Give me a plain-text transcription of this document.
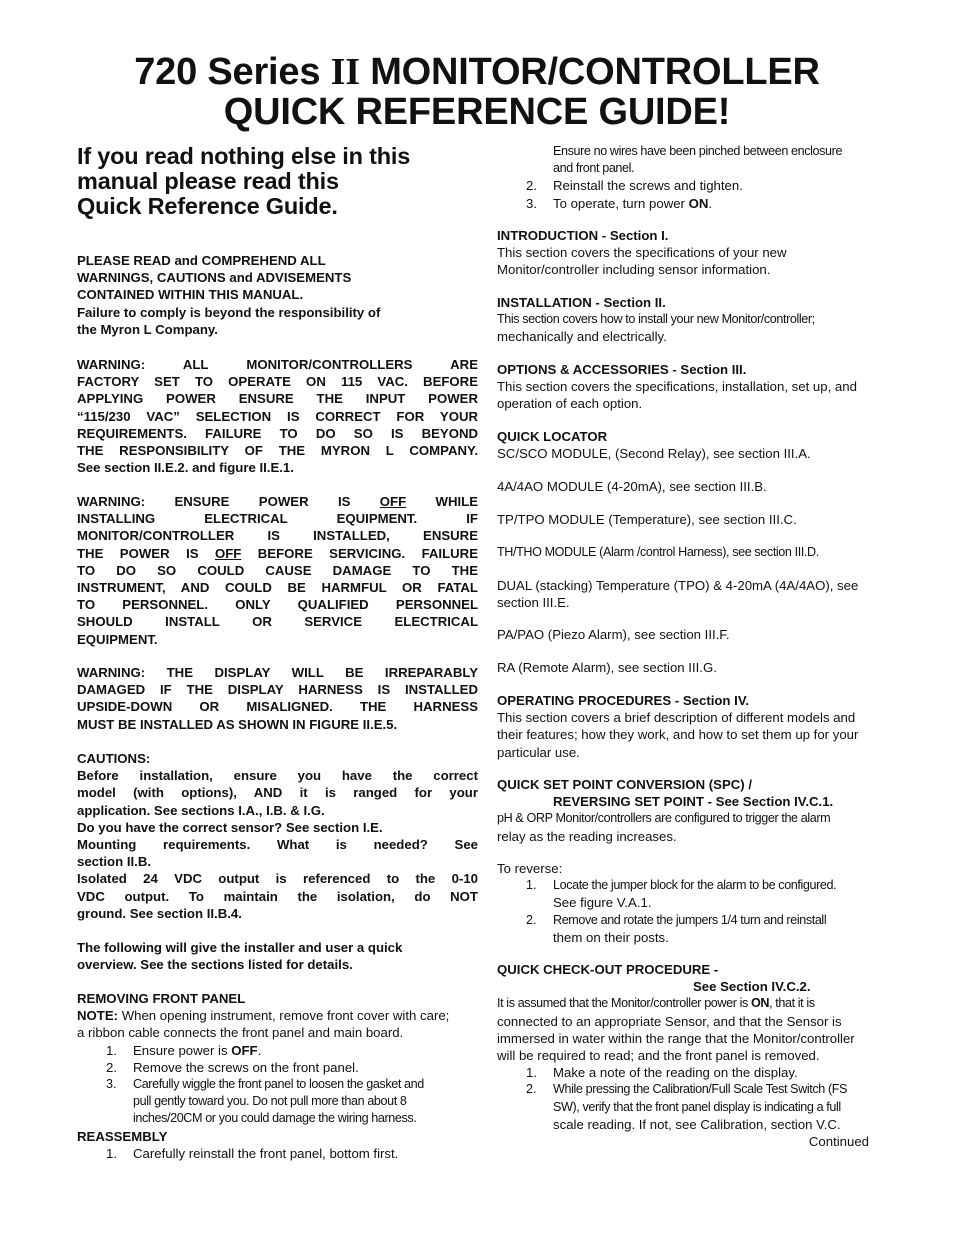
720 Series II MONITOR/CONTROLLER
QUICK REFERENCE GUIDE!
If you read nothing else in this
manual please read this
Quick Reference Guide.
PLEASE READ and COMPREHEND ALL
WARNINGS, CAUTIONS and ADVISEMENTS
CONTAINED WITHIN THIS MANUAL.
Failure to comply is beyond the responsibility of
the Myron L Company.
WARNING: ALL MONITOR/CONTROLLERS ARE
FACTORY SET TO OPERATE ON 115 VAC. BEFORE
APPLYING POWER ENSURE THE INPUT POWER
“115/230 VAC” SELECTION IS CORRECT FOR YOUR
REQUIREMENTS. FAILURE TO DO SO IS BEYOND
THE RESPONSIBILITY OF THE MYRON L COMPANY.
See section II.E.2. and figure II.E.1.
WARNING: ENSURE POWER IS OFF WHILE
INSTALLING ELECTRICAL EQUIPMENT. IF
MONITOR/CONTROLLER IS INSTALLED, ENSURE
THE POWER IS OFF BEFORE SERVICING. FAILURE
TO DO SO COULD CAUSE DAMAGE TO THE
INSTRUMENT, AND COULD BE HARMFUL OR FATAL
TO PERSONNEL. ONLY QUALIFIED PERSONNEL
SHOULD INSTALL OR SERVICE ELECTRICAL
EQUIPMENT.
WARNING: THE DISPLAY WILL BE IRREPARABLY
DAMAGED IF THE DISPLAY HARNESS IS INSTALLED
UPSIDE-DOWN OR MISALIGNED. THE HARNESS
MUST BE INSTALLED AS SHOWN IN FIGURE II.E.5.
CAUTIONS:
Before installation, ensure you have the correct
model (with options), AND it is ranged for your
application. See sections I.A., I.B. & I.G.
Do you have the correct sensor? See section I.E.
Mounting requirements. What is needed? See
section II.B.
Isolated 24 VDC output is referenced to the 0-10
VDC output. To maintain the isolation, do NOT
ground. See section II.B.4.
The following will give the installer and user a quick
overview. See the sections listed for details.
REMOVING FRONT PANEL
NOTE: When opening instrument, remove front cover with care;
a ribbon cable connects the front panel and main board.
1. Ensure power is OFF.
2. Remove the screws on the front panel.
3. Carefully wiggle the front panel to loosen the gasket and
pull gently toward you. Do not pull more than about 8
inches/20CM or you could damage the wiring harness.
REASSEMBLY
1. Carefully reinstall the front panel, bottom first.
Ensure no wires have been pinched between enclosure
and front panel.
2. Reinstall the screws and tighten.
3. To operate, turn power ON.
INTRODUCTION - Section I.
This section covers the specifications of your new
Monitor/controller including sensor information.
INSTALLATION - Section II.
This section covers how to install your new Monitor/controller;
mechanically and electrically.
OPTIONS & ACCESSORIES - Section III.
This section covers the specifications, installation, set up, and
operation of each option.
QUICK LOCATOR
SC/SCO MODULE, (Second Relay), see section III.A.
4A/4AO MODULE (4-20mA), see section III.B.
TP/TPO MODULE (Temperature), see section III.C.
TH/THO MODULE (Alarm /control Harness), see section III.D.
DUAL (stacking) Temperature (TPO) & 4-20mA (4A/4AO), see
section III.E.
PA/PAO (Piezo Alarm), see section III.F.
RA (Remote Alarm), see section III.G.
OPERATING PROCEDURES - Section IV.
This section covers a brief description of different models and
their features; how they work, and how to set them up for your
particular use.
QUICK SET POINT CONVERSION (SPC) /
REVERSING SET POINT - See Section IV.C.1.
pH & ORP Monitor/controllers are configured to trigger the alarm
relay as the reading increases.
To reverse:
1. Locate the jumper block for the alarm to be configured.
See figure V.A.1.
2. Remove and rotate the jumpers 1/4 turn and reinstall
them on their posts.
QUICK CHECK-OUT PROCEDURE -
See Section IV.C.2.
It is assumed that the Monitor/controller power is ON, that it is
connected to an appropriate Sensor, and that the Sensor is
immersed in water within the range that the Monitor/controller
will be required to read; and the front panel is removed.
1. Make a note of the reading on the display.
2. While pressing the Calibration/Full Scale Test Switch (FS
SW), verify that the front panel display is indicating a full
scale reading. If not, see Calibration, section V.C.
Continued
